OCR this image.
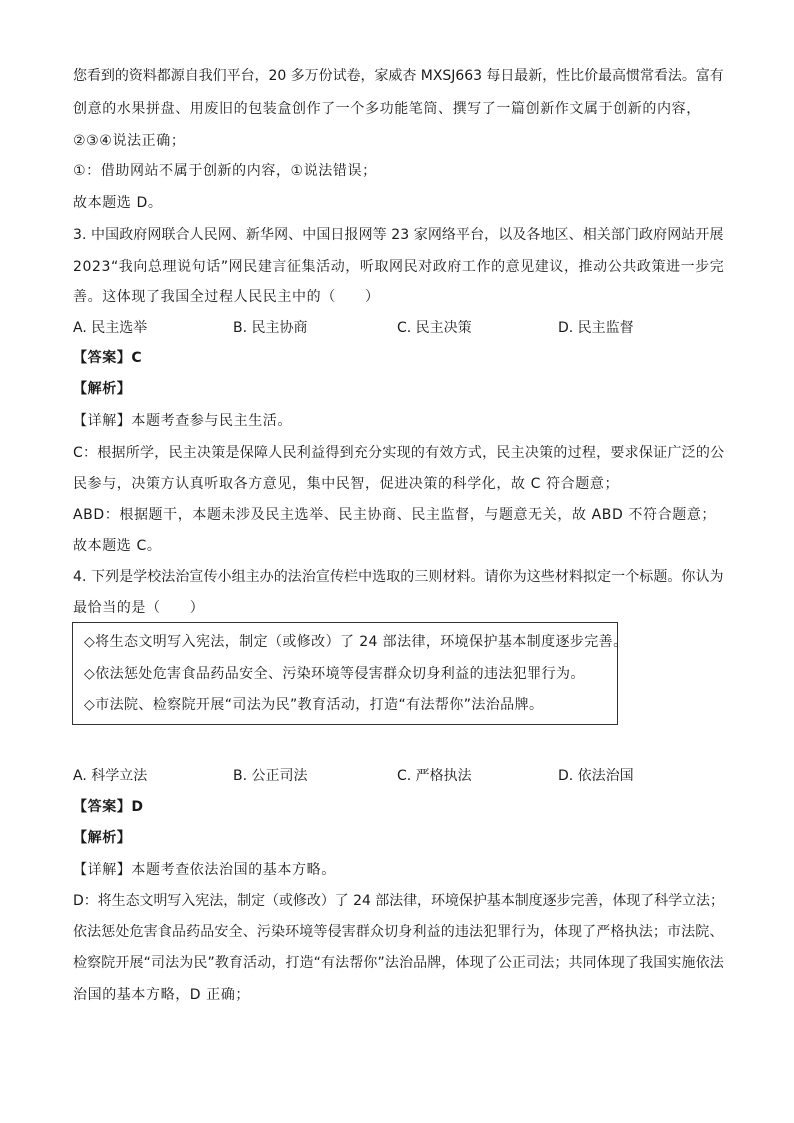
您看到的资料都源自我们平台，20 多万份试卷，家威杏 MXSJ663 每日最新，性比价最高惯常看法。富有
创意的水果拼盘、用废旧的包装盒创作了一个多功能笔筒、撰写了一篇创新作文属于创新的内容，
②③④说法正确；
①：借助网站不属于创新的内容，①说法错误；
故本题选 D。
3. 中国政府网联合人民网、新华网、中国日报网等 23 家网络平台，以及各地区、相关部门政府网站开展
2023“我向总理说句话”网民建言征集活动，听取网民对政府工作的意见建议，推动公共政策进一步完
善。这体现了我国全过程人民民主中的（　　）
A. 民主选举	B. 民主协商	C. 民主决策	D. 民主监督
【答案】C
【解析】
【详解】本题考查参与民主生活。
C：根据所学，民主决策是保障人民利益得到充分实现的有效方式，民主决策的过程，要求保证广泛的公
民参与，决策方认真听取各方意见，集中民智，促进决策的科学化，故 C 符合题意；
ABD：根据题干，本题未涉及民主选举、民主协商、民主监督，与题意无关，故 ABD 不符合题意；
故本题选 C。
4. 下列是学校法治宣传小组主办的法治宣传栏中选取的三则材料。请你为这些材料拟定一个标题。你认为
最恰当的是（　　）
◇将生态文明写入宪法，制定（或修改）了 24 部法律，环境保护基本制度逐步完善。
◇依法惩处危害食品药品安全、污染环境等侵害群众切身利益的违法犯罪行为。
◇市法院、检察院开展“司法为民”教育活动，打造“有法帮你”法治品牌。
A. 科学立法	B. 公正司法	C. 严格执法	D. 依法治国
【答案】D
【解析】
【详解】本题考查依法治国的基本方略。
D：将生态文明写入宪法，制定（或修改）了 24 部法律，环境保护基本制度逐步完善，体现了科学立法；
依法惩处危害食品药品安全、污染环境等侵害群众切身利益的违法犯罪行为，体现了严格执法；市法院、
检察院开展“司法为民”教育活动，打造“有法帮你”法治品牌，体现了公正司法；共同体现了我国实施依法
治国的基本方略，D 正确；
